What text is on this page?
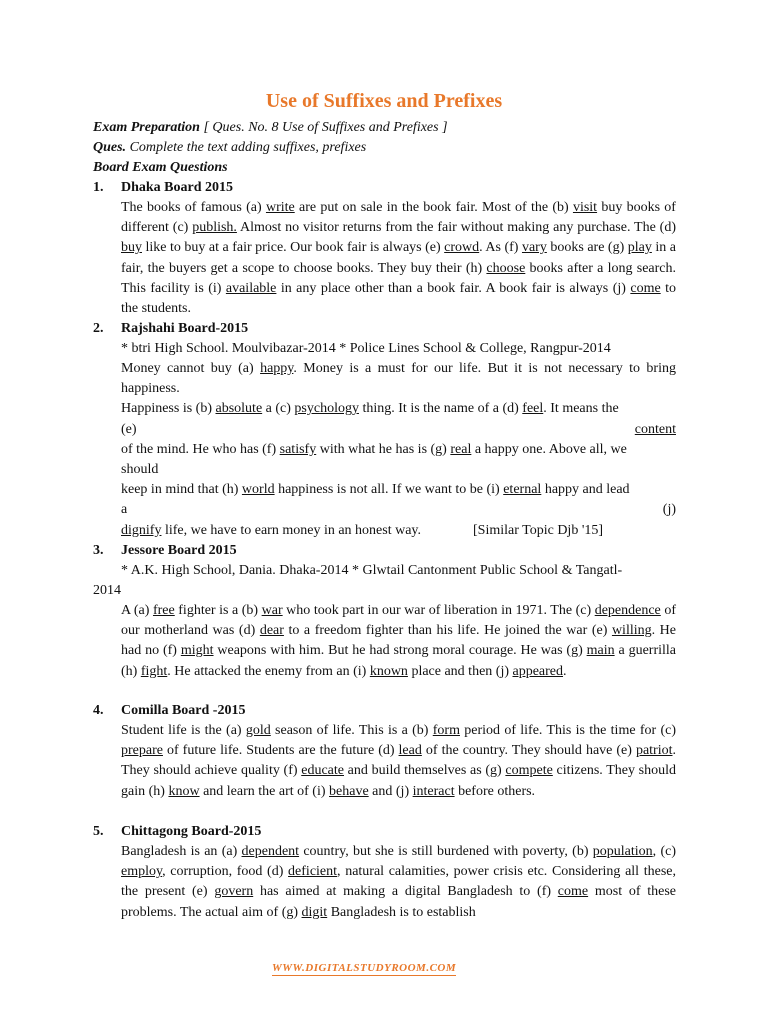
Use of Suffixes and Prefixes
Exam Preparation [ Ques. No. 8 Use of Suffixes and Prefixes ]
Ques. Complete the text adding suffixes, prefixes
Board Exam Questions
1. Dhaka Board 2015

The books of famous (a) write are put on sale in the book fair. Most of the (b) visit buy books of different (c) publish. Almost no visitor returns from the fair without making any purchase. The (d) buy like to buy at a fair price. Our book fair is always (e) crowd. As (f) vary books are (g) play in a fair, the buyers get a scope to choose books. They buy their (h) choose books after a long search. This facility is (i) available in any place other than a book fair. A book fair is always (j) come to the students.

2. Rajshahi Board-2015
* btri High School. Moulvibazar-2014 * Police Lines School & College, Rangpur-2014

Money cannot buy (a) happy. Money is a must for our life. But it is not necessary to bring happiness.

Happiness is (b) absolute a (c) psychology thing. It is the name of a (d) feel. It means the

(e)	content

of the mind. He who has (f) satisfy with what he has is (g) real a happy one. Above all, we

should

keep in mind that (h) world happiness is not all. If we want to be (i) eternal happy and lead

a	(j)

dignify life, we have to earn money in an honest way.	[Similar Topic Djb '15]

3. Jessore Board 2015
* A.K. High School, Dania. Dhaka-2014 * Glwtail Cantonment Public School & Tangatl-
2014

A (a) free fighter is a (b) war who took part in our war of liberation in 1971. The (c) dependence of our motherland was (d) dear to a freedom fighter than his life. He joined the war (e) willing. He had no (f) might weapons with him. But he had strong moral courage. He was (g) main a guerrilla (h) fight. He attacked the enemy from an (i) known place and then (j) appeared.

4. Comilla Board -2015

Student life is the (a) gold season of life. This is a (b) form period of life. This is the time for (c) prepare of future life. Students are the future (d) lead of the country. They should have (e) patriot. They should achieve quality (f) educate and build themselves as (g) compete citizens. They should gain (h) know and learn the art of (i) behave and (j) interact before others.

5. Chittagong Board-2015

Bangladesh is an (a) dependent country, but she is still burdened with poverty, (b) population, (c) employ, corruption, food (d) deficient, natural calamities, power crisis etc. Considering all these, the present (e) govern has aimed at making a digital Bangladesh to (f) come most of these problems. The actual aim of (g) digit Bangladesh is to establish

WWW.DIGITALSTUDYROOM.COM
